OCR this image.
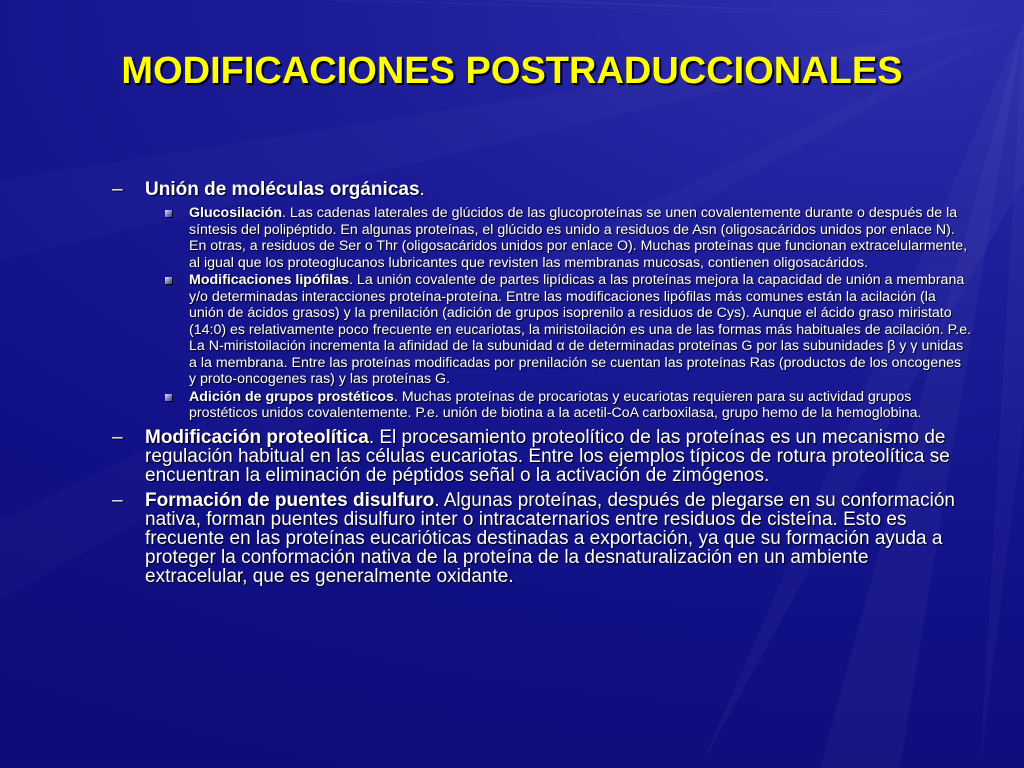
MODIFICACIONES POSTRADUCCIONALES
– Unión de moléculas orgánicas.
Glucosilación. Las cadenas laterales de glúcidos de las glucoproteínas se unen covalentemente durante o después de la síntesis del polipéptido. En algunas proteínas, el glúcido es unido a residuos de Asn (oligosacáridos unidos por enlace N). En otras, a residuos de Ser o Thr (oligosacáridos unidos por enlace O). Muchas proteínas que funcionan extracelularmente, al igual que los proteoglucanos lubricantes que revisten las membranas mucosas, contienen oligosacáridos.
Modificaciones lipófilas. La unión covalente de partes lipídicas a las proteínas mejora la capacidad de unión a membrana y/o determinadas interacciones proteína-proteína. Entre las modificaciones lipófilas más comunes están la acilación (la unión de ácidos grasos) y la prenilación (adición de grupos isoprenilo a residuos de Cys). Aunque el ácido graso miristato (14:0) es relativamente poco frecuente en eucariotas, la miristoilación es una de las formas más habituales de acilación. P.e. La N-miristoilación incrementa la afinidad de la subunidad α de determinadas proteínas G por las subunidades β y γ unidas a la membrana. Entre las proteínas modificadas por prenilación se cuentan las proteínas Ras (productos de los oncogenes y proto-oncogenes ras) y las proteínas G.
Adición de grupos prostéticos. Muchas proteínas de procariotas y eucariotas requieren para su actividad grupos prostéticos unidos covalentemente. P.e. unión de biotina a la acetil-CoA carboxilasa, grupo hemo de la hemoglobina.
– Modificación proteolítica. El procesamiento proteolítico de las proteínas es un mecanismo de regulación habitual en las células eucariotas. Entre los ejemplos típicos de rotura proteolítica se encuentran la eliminación de péptidos señal o la activación de zimógenos.
– Formación de puentes disulfuro. Algunas proteínas, después de plegarse en su conformación nativa, forman puentes disulfuro inter o intracaternarios entre residuos de cisteína. Esto es frecuente en las proteínas eucarióticas destinadas a exportación, ya que su formación ayuda a proteger la conformación nativa de la proteína de la desnaturalización en un ambiente extracelular, que es generalmente oxidante.
